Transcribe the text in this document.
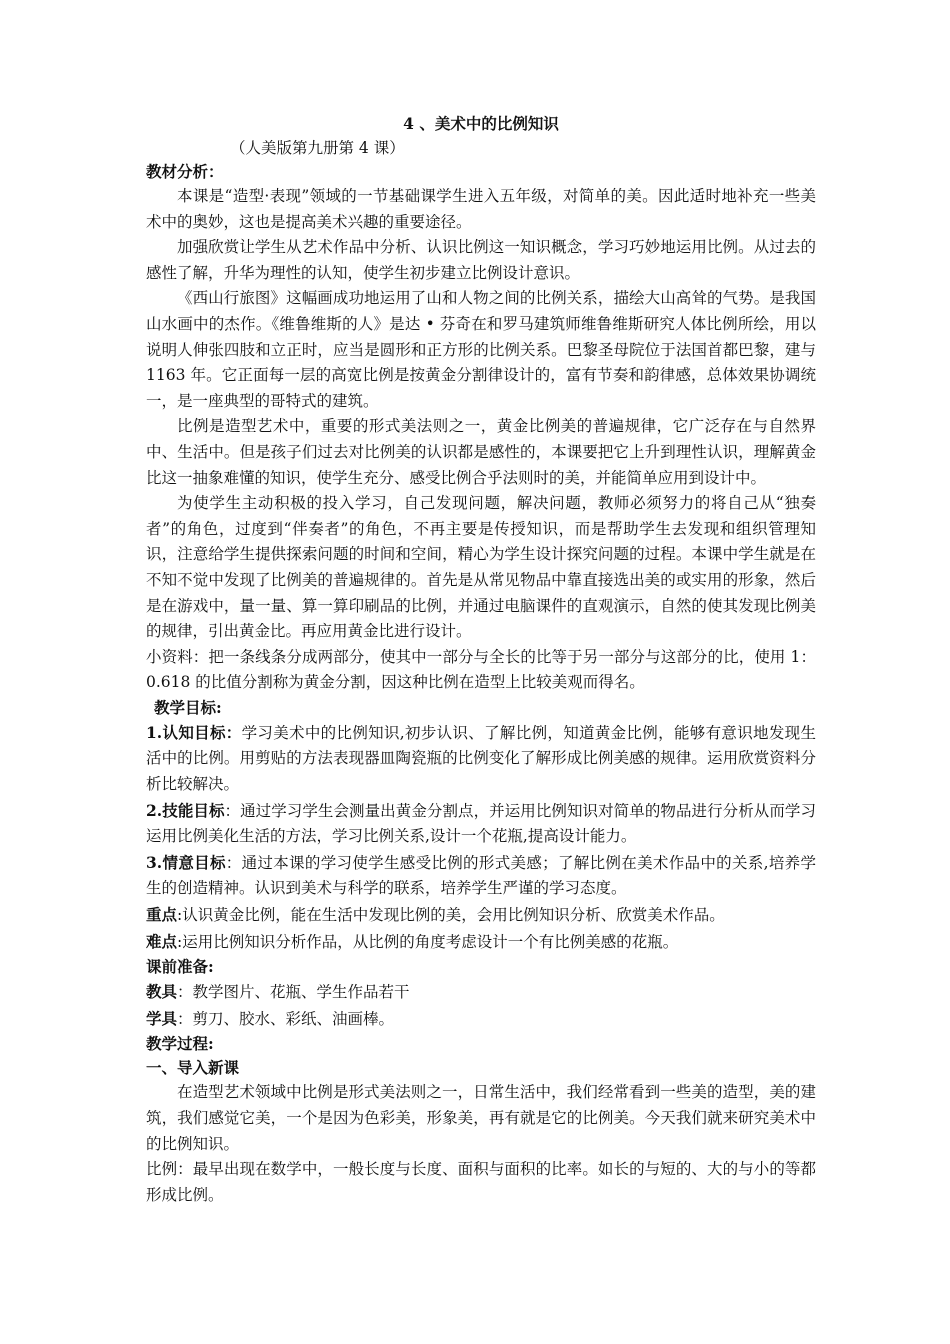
4 、美术中的比例知识
（人美版第九册第 4 课）
教材分析：

本课是“造型·表现”领域的一节基础课学生进入五年级，对简单的美。因此适时地补充一些美术中的奥妙，这也是提高美术兴趣的重要途径。

加强欣赏让学生从艺术作品中分析、认识比例这一知识概念，学习巧妙地运用比例。从过去的感性了解，升华为理性的认知，使学生初步建立比例设计意识。

《西山行旅图》这幅画成功地运用了山和人物之间的比例关系，描绘大山高耸的气势。是我国山水画中的杰作。《维鲁维斯的人》是达 • 芬奇在和罗马建筑师维鲁维斯研究人体比例所绘，用以说明人伸张四肢和立正时，应当是圆形和正方形的比例关系。巴黎圣母院位于法国首都巴黎，建与 1163 年。它正面每一层的高宽比例是按黄金分割律设计的，富有节奏和韵律感，总体效果协调统一，是一座典型的哥特式的建筑。

比例是造型艺术中，重要的形式美法则之一，黄金比例美的普遍规律，它广泛存在与自然界中、生活中。但是孩子们过去对比例美的认识都是感性的，本课要把它上升到理性认识，理解黄金比这一抽象难懂的知识，使学生充分、感受比例合乎法则时的美，并能简单应用到设计中。

为使学生主动积极的投入学习，自己发现问题，解决问题，教师必须努力的将自己从“独奏者”的角色，过度到“伴奏者”的角色，不再主要是传授知识，而是帮助学生去发现和组织管理知识，注意给学生提供探索问题的时间和空间，精心为学生设计探究问题的过程。本课中学生就是在不知不觉中发现了比例美的普遍规律的。首先是从常见物品中靠直接选出美的或实用的形象，然后是在游戏中，量一量、算一算印刷品的比例，并通过电脑课件的直观演示，自然的使其发现比例美的规律，引出黄金比。再应用黄金比进行设计。

小资料：把一条线条分成两部分，使其中一部分与全长的比等于另一部分与这部分的比，使用 1：0.618 的比值分割称为黄金分割，因这种比例在造型上比较美观而得名。

教学目标:

1.认知目标：学习美术中的比例知识,初步认识、了解比例，知道黄金比例，能够有意识地发现生活中的比例。用剪贴的方法表现器皿陶瓷瓶的比例变化了解形成比例美感的规律。运用欣赏资料分析比较解决。

2.技能目标：通过学习学生会测量出黄金分割点，并运用比例知识对简单的物品进行分析从而学习运用比例美化生活的方法，学习比例关系,设计一个花瓶,提高设计能力。

3.情意目标：通过本课的学习使学生感受比例的形式美感；了解比例在美术作品中的关系,培养学生的创造精神。认识到美术与科学的联系，培养学生严谨的学习态度。

重点:认识黄金比例，能在生活中发现比例的美，会用比例知识分析、欣赏美术作品。

难点:运用比例知识分析作品，从比例的角度考虑设计一个有比例美感的花瓶。

课前准备:

教具：教学图片、花瓶、学生作品若干

学具：剪刀、胶水、彩纸、油画棒。

教学过程:
一、导入新课

在造型艺术领域中比例是形式美法则之一，日常生活中，我们经常看到一些美的造型，美的建筑，我们感觉它美，一个是因为色彩美，形象美，再有就是它的比例美。今天我们就来研究美术中的比例知识。

比例：最早出现在数学中，一般长度与长度、面积与面积的比率。如长的与短的、大的与小的等都形成比例。
